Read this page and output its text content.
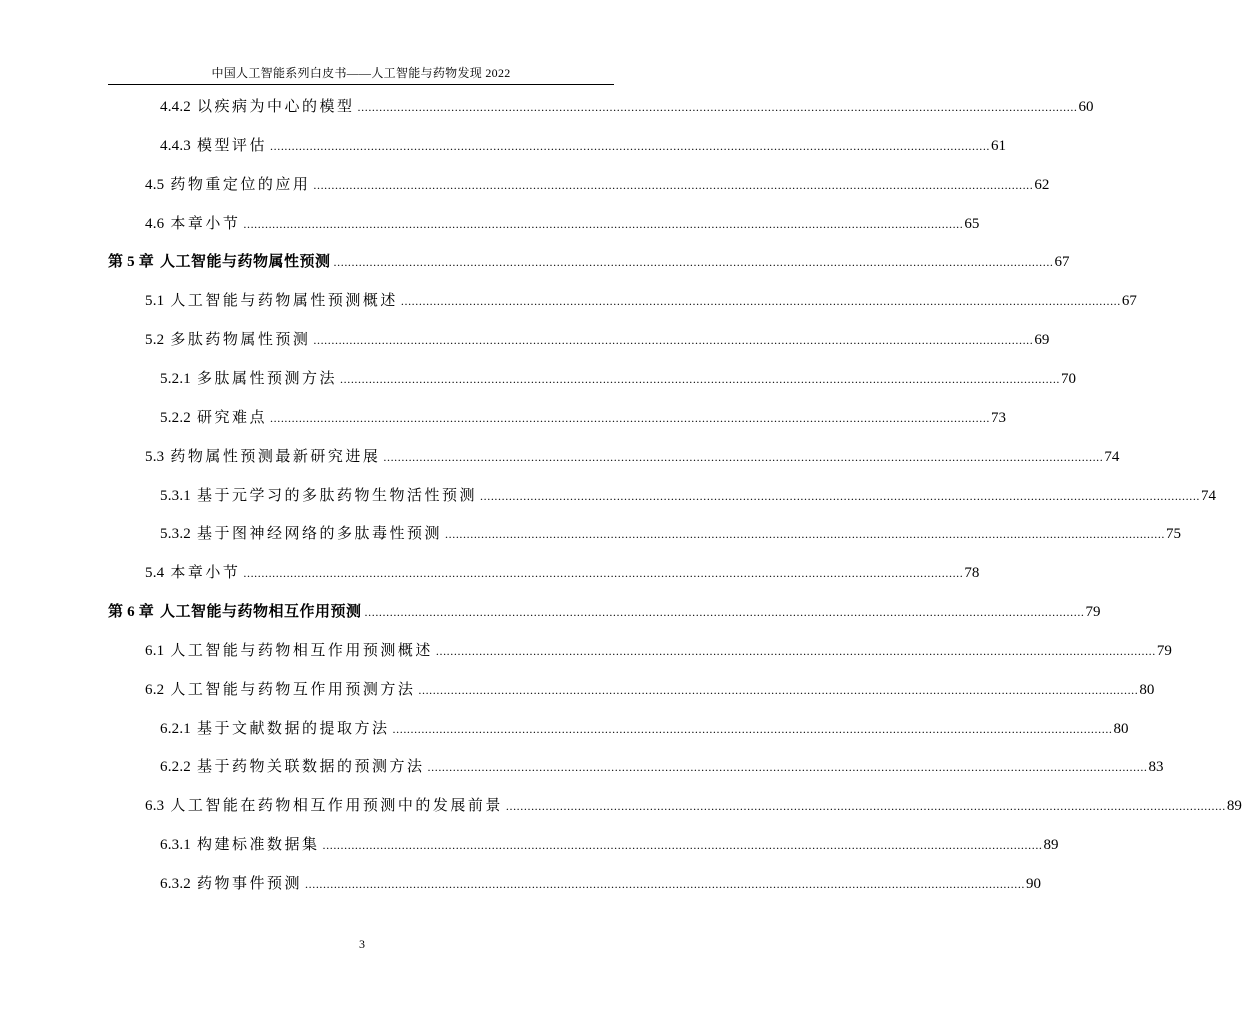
中国人工智能系列白皮书——人工智能与药物发现 2022
4.4.2 以疾病为中心的模型 ........................................................................................................................................................................................................ 60
4.4.3 模型评估 ........................................................................................................................................................................................................ 61
4.5 药物重定位的应用 ........................................................................................................................................................................................................ 62
4.6 本章小节 ........................................................................................................................................................................................................ 65
第 5 章 人工智能与药物属性预测 ........................................................................................................................................................................................................ 67
5.1 人工智能与药物属性预测概述 ........................................................................................................................................................................................................ 67
5.2 多肽药物属性预测 ........................................................................................................................................................................................................ 69
5.2.1 多肽属性预测方法 ........................................................................................................................................................................................................ 70
5.2.2 研究难点 ........................................................................................................................................................................................................ 73
5.3 药物属性预测最新研究进展 ........................................................................................................................................................................................................ 74
5.3.1 基于元学习的多肽药物生物活性预测 ........................................................................................................................................................................................................ 74
5.3.2 基于图神经网络的多肽毒性预测 ........................................................................................................................................................................................................ 75
5.4 本章小节 ........................................................................................................................................................................................................ 78
第 6 章 人工智能与药物相互作用预测 ........................................................................................................................................................................................................ 79
6.1 人工智能与药物相互作用预测概述 ........................................................................................................................................................................................................ 79
6.2 人工智能与药物互作用预测方法 ........................................................................................................................................................................................................ 80
6.2.1 基于文献数据的提取方法 ........................................................................................................................................................................................................ 80
6.2.2 基于药物关联数据的预测方法 ........................................................................................................................................................................................................ 83
6.3 人工智能在药物相互作用预测中的发展前景 ........................................................................................................................................................................................................ 89
6.3.1 构建标准数据集 ........................................................................................................................................................................................................ 89
6.3.2 药物事件预测 ........................................................................................................................................................................................................ 90
3
